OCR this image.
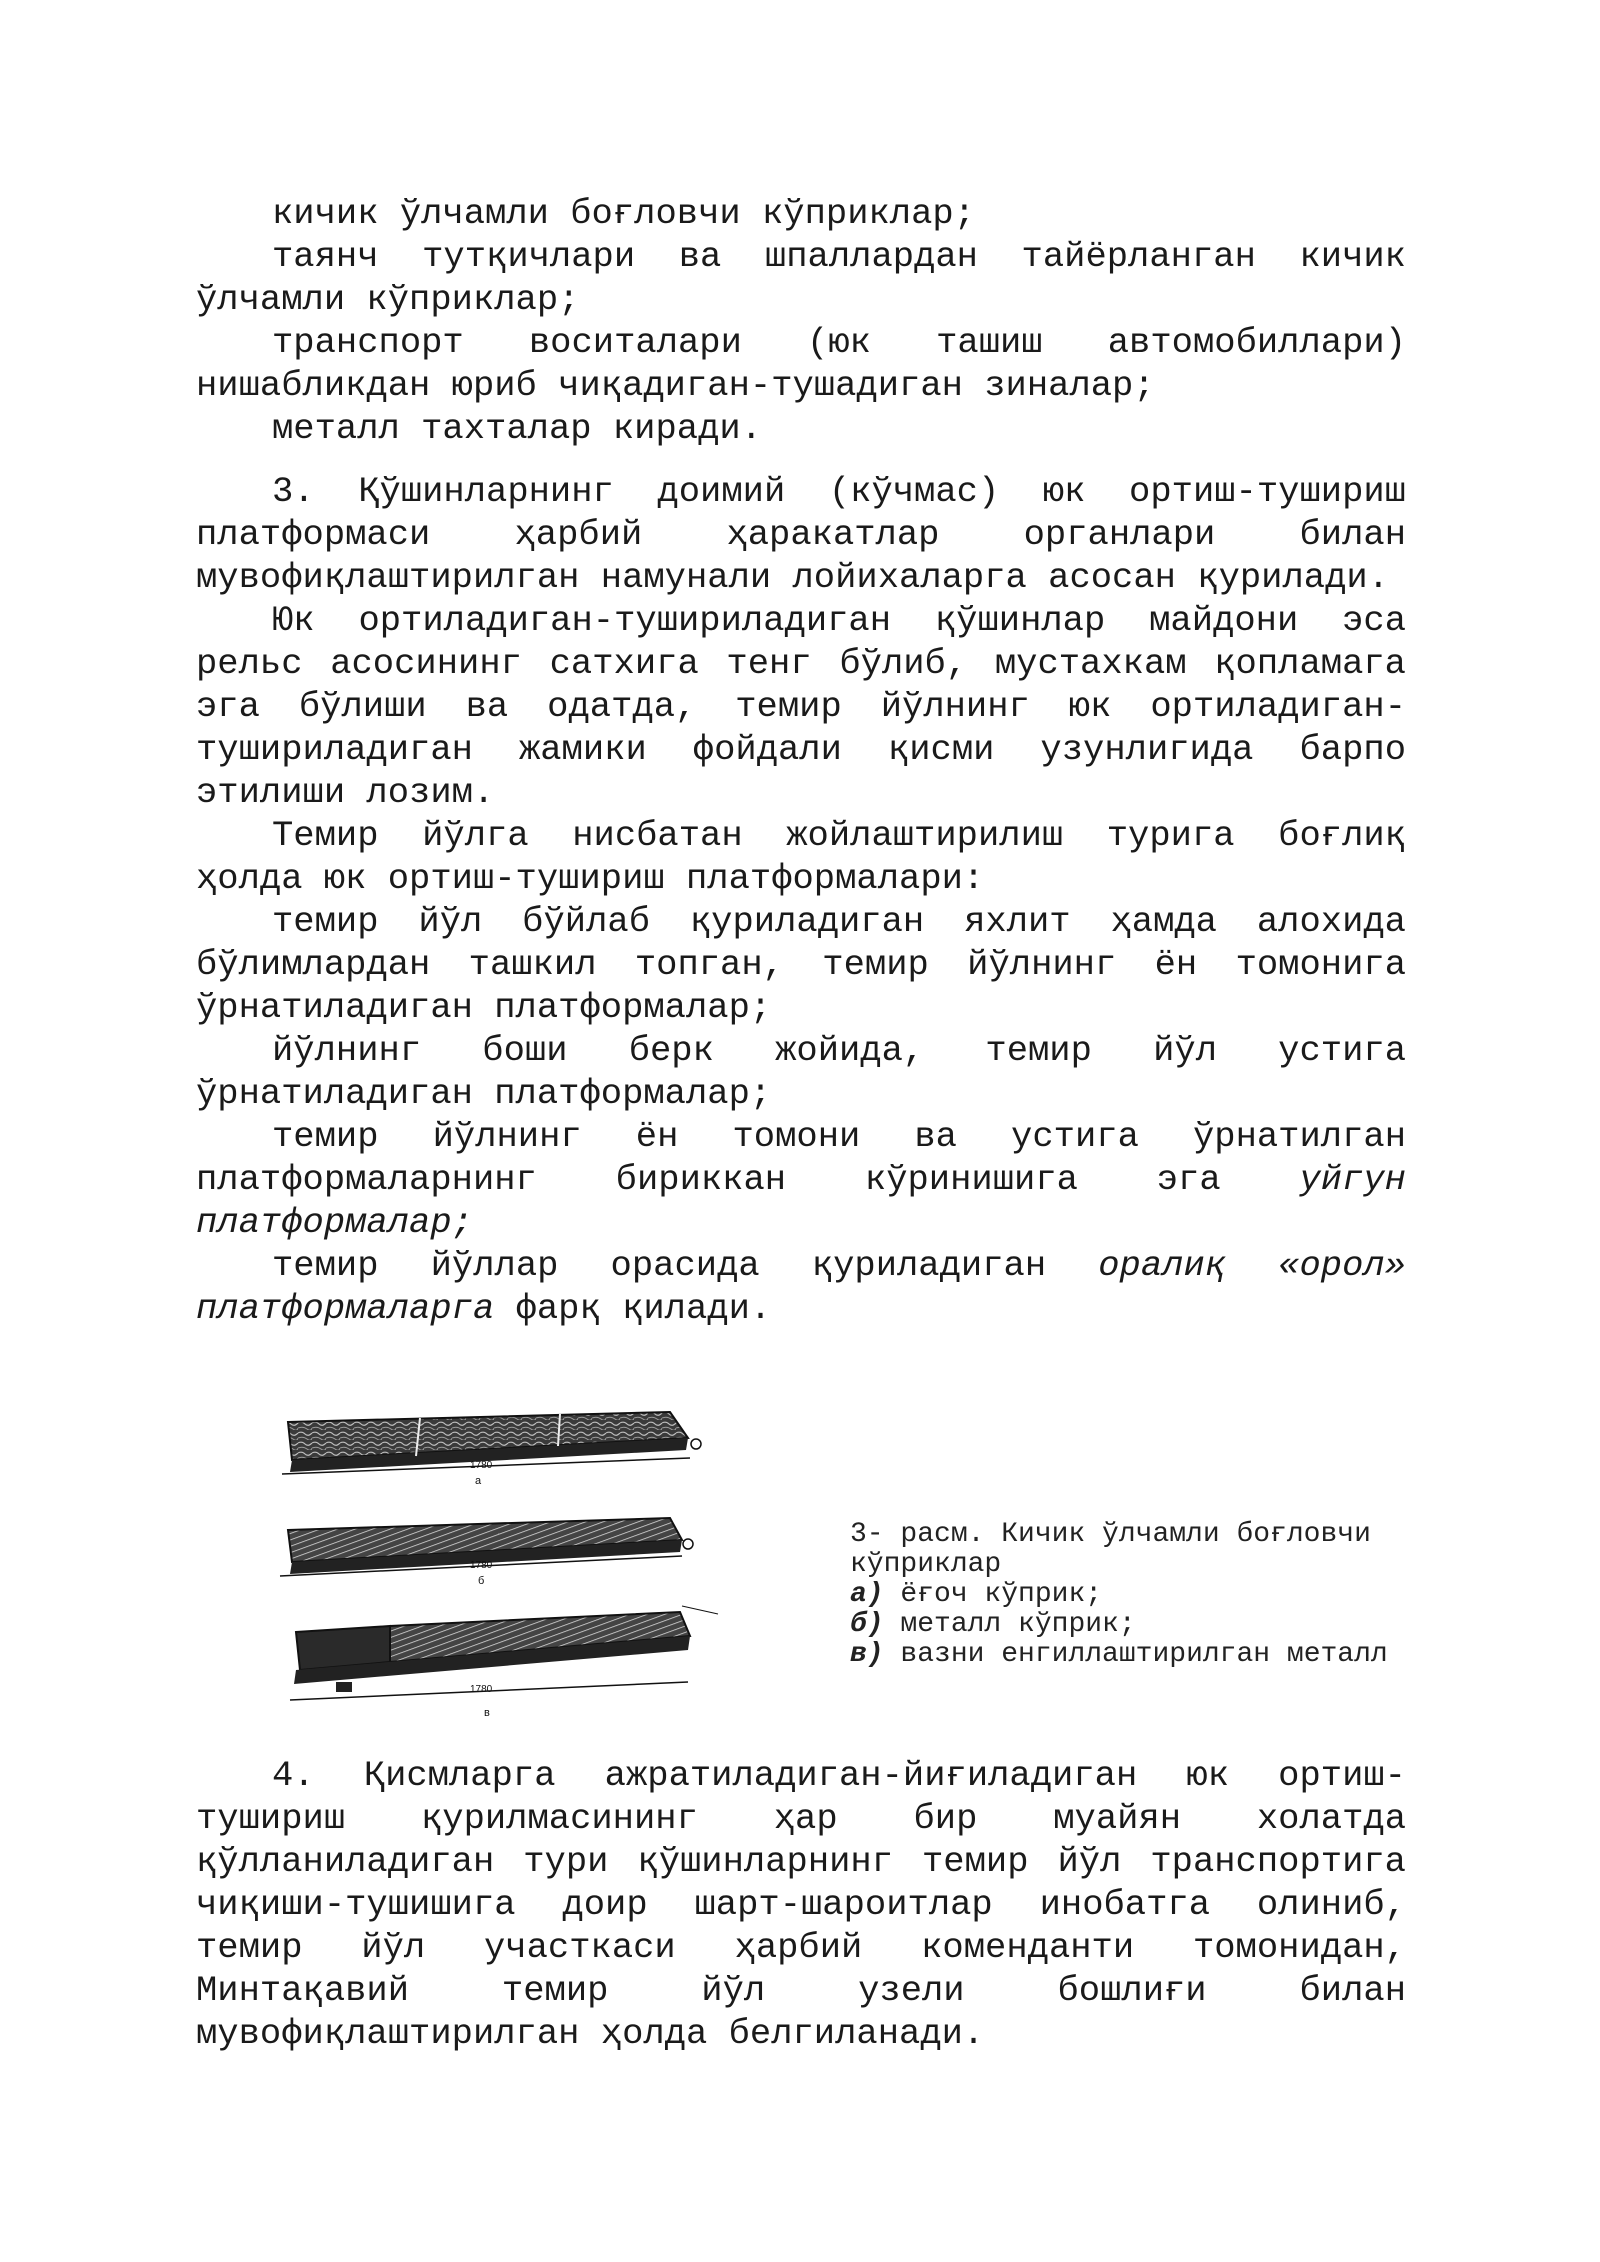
кичик ўлчамли боғловчи кўприклар;

таянч тутқичлари ва шпаллардан тайёрланган кичик ўлчамли кўприклар;

транспорт воситалари (юк ташиш автомобиллари) нишабликдан юриб чиқадиган-тушадиган зиналар;

металл тахталар киради.

3. Қўшинларнинг доимий (кўчмас) юк ортиш-тушириш платформаси ҳарбий ҳаракатлар органлари билан мувофиқлаштирилган намунали лойихаларга асосан қурилади.

Юк ортиладиган-тушириладиган қўшинлар майдони эса рельс асосининг сатхига тенг бўлиб, мустахкам қопламага эга бўлиши ва одатда, темир йўлнинг юк ортиладиган-тушириладиган жамики фойдали қисми узунлигида барпо этилиши лозим.

Темир йўлга нисбатан жойлаштирилиш турига боғлиқ ҳолда юк ортиш-тушириш платформалари:

темир йўл бўйлаб қуриладиган яхлит ҳамда алохида бўлимлардан ташкил топган, темир йўлнинг ён томонига ўрнатиладиган платформалар;

йўлнинг боши берк жойида, темир йўл устига ўрнатиладиган платформалар;

темир йўлнинг ён томони ва устига ўрнатилган платформаларнинг бириккан кўринишига эга уйгун платформалар;

темир йўллар орасида қуриладиган оралиқ «орол» платформаларга фарқ қилади.

1780
а
1780
б
1780
в
3- расм. Кичик ўлчамли боғловчи
кўприклар
а) ёғоч кўприк;
б) металл кўприк;
в) вазни енгиллаштирилган металл

4. Қисмларга ажратиладиган-йиғиладиган юк ортиш-тушириш қурилмасининг ҳар бир муайян холатда қўлланиладиган тури қўшинларнинг темир йўл транспортига чиқиши-тушишига доир шарт-шароитлар инобатга олиниб, темир йўл участкаси ҳарбий коменданти томонидан, Минтақавий темир йўл узели бошлиғи билан мувофиқлаштирилган ҳолда белгиланади.
